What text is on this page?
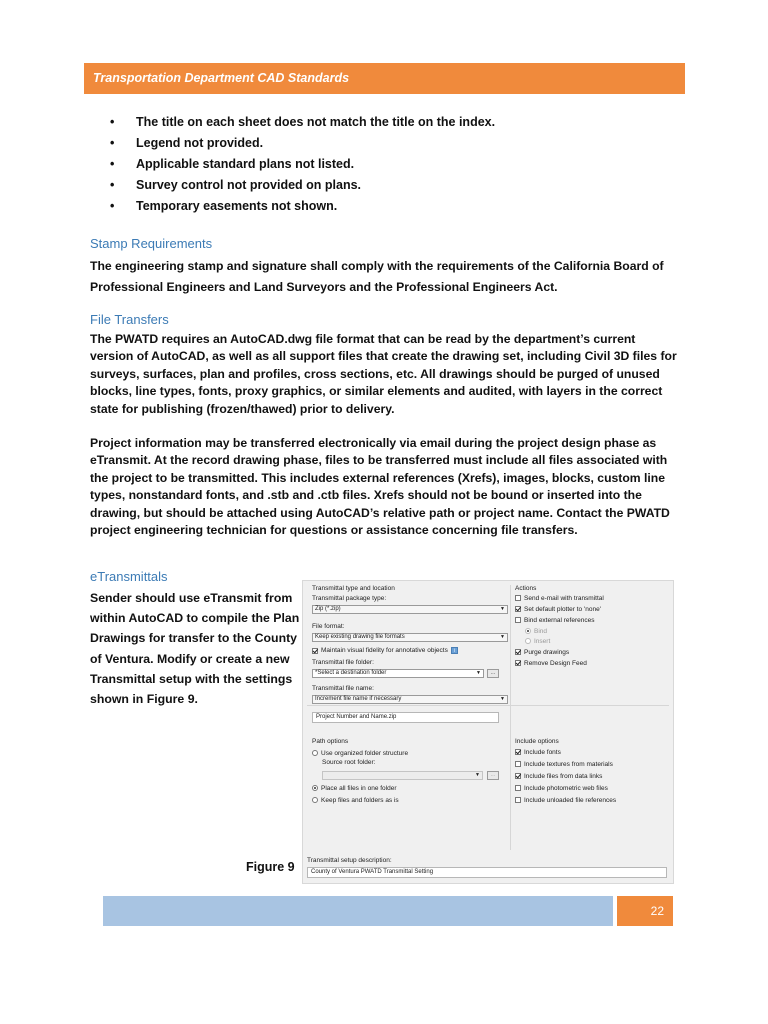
Transportation Department CAD Standards
• The title on each sheet does not match the title on the index.
• Legend not provided.
• Applicable standard plans not listed.
• Survey control not provided on plans.
• Temporary easements not shown.
Stamp Requirements

The engineering stamp and signature shall comply with the requirements of the California Board of Professional Engineers and Land Surveyors and the Professional Engineers Act.

File Transfers

The PWATD requires an AutoCAD.dwg file format that can be read by the department’s current version of AutoCAD, as well as all support files that create the drawing set, including Civil 3D files for surveys, surfaces, plan and profiles, cross sections, etc. All drawings should be purged of unused blocks, line types, fonts, proxy graphics, or similar elements and audited, with layers in the correct state for publishing (frozen/thawed) prior to delivery.

Project information may be transferred electronically via email during the project design phase as eTransmit. At the record drawing phase, files to be transferred must include all files associated with the project to be transmitted. This includes external references (Xrefs), images, blocks, custom line types, nonstandard fonts, and .stb and .ctb files. Xrefs should not be bound or inserted into the drawing, but should be attached using AutoCAD’s relative path or project name. Contact the PWATD project engineering technician for questions or assistance concerning file transfers.

eTransmittals

Sender should use eTransmit from within AutoCAD to compile the Plan Drawings for transfer to the County of Ventura. Modify or create a new Transmittal setup with the settings shown in Figure 9.

Figure 9
Transmittal type and location
Transmittal package type:
Zip (*.zip)	▼
File format:
Keep existing drawing file formats	▼
Maintain visual fidelity for annotative objects i
Transmittal file folder:
*Select a destination folder	▼	...
Transmittal file name:
Increment file name if necessary	▼
Project Number and Name.zip
Actions
Send e-mail with transmittal
Set default plotter to 'none'
Bind external references
Bind
Insert
Purge drawings
Remove Design Feed
Path options
Use organized folder structure
Source root folder:
▼	...
Place all files in one folder
Keep files and folders as is
Include options
Include fonts
Include textures from materials
Include files from data links
Include photometric web files
Include unloaded file references
Transmittal setup description:
County of Ventura PWATD Transmittal Setting
22
